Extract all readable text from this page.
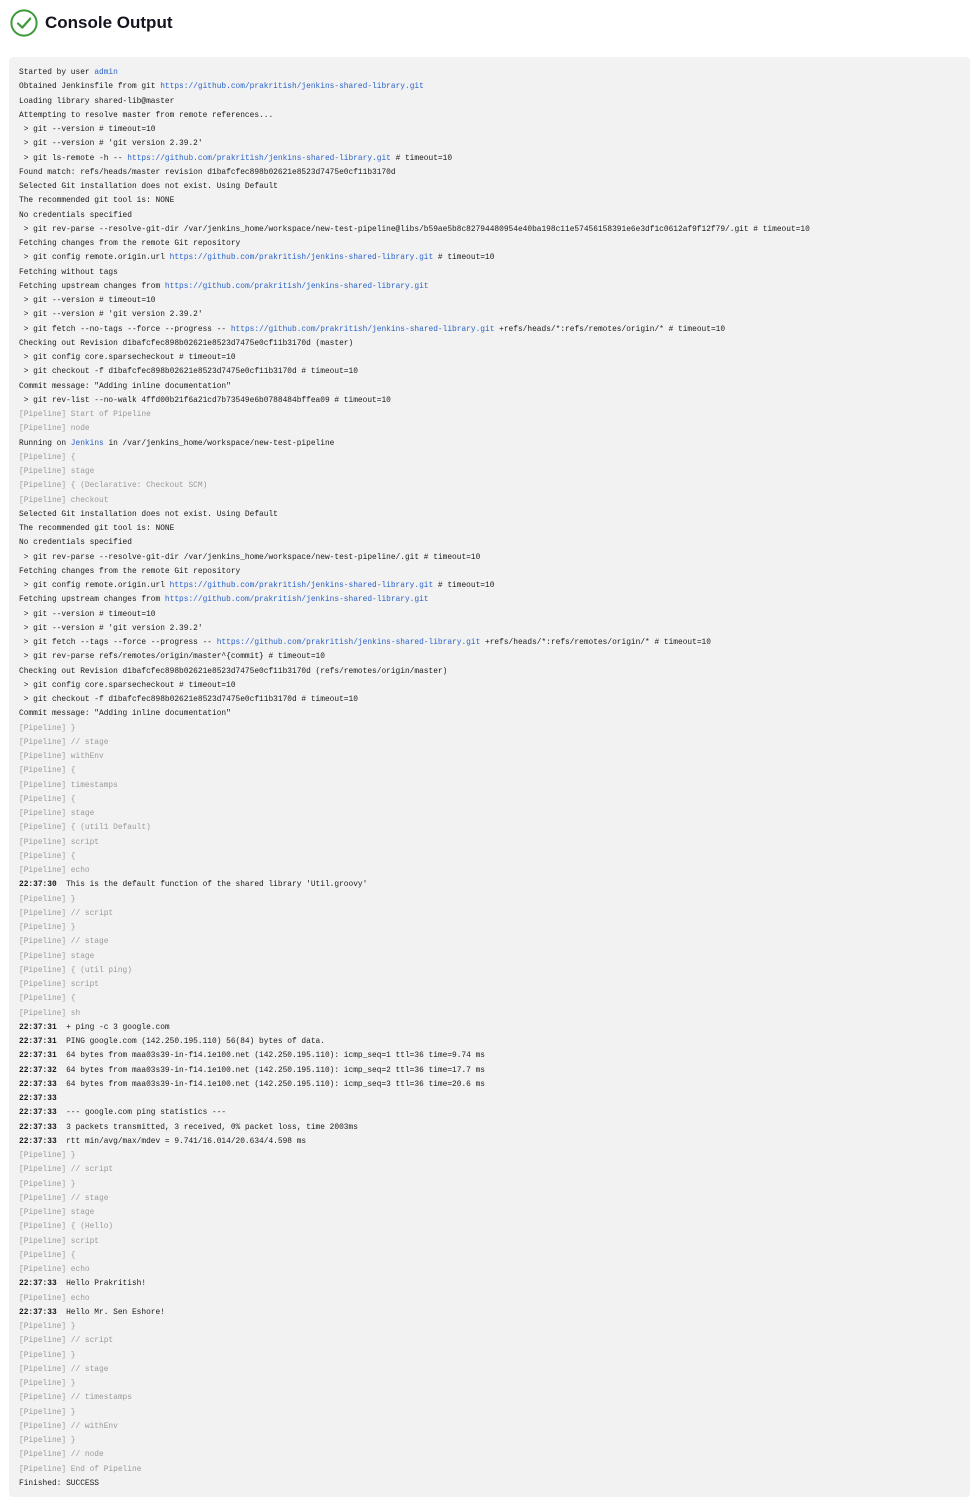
Console Output
Started by user admin
Obtained Jenkinsfile from git https://github.com/prakritish/jenkins-shared-library.git
Loading library shared-lib@master
Attempting to resolve master from remote references...
> git --version # timeout=10
> git --version # 'git version 2.39.2'
> git ls-remote -h -- https://github.com/prakritish/jenkins-shared-library.git # timeout=10
Found match: refs/heads/master revision d1bafcfec898b02621e8523d7475e0cf11b3170d
Selected Git installation does not exist. Using Default
The recommended git tool is: NONE
No credentials specified
> git rev-parse --resolve-git-dir /var/jenkins_home/workspace/new-test-pipeline@libs/b59ae5b8c82794480954e40ba198c11e57456158391e6e3df1c0612af9f12f79/.git # timeout=10
Fetching changes from the remote Git repository
> git config remote.origin.url https://github.com/prakritish/jenkins-shared-library.git # timeout=10
Fetching without tags
Fetching upstream changes from https://github.com/prakritish/jenkins-shared-library.git
> git --version # timeout=10
> git --version # 'git version 2.39.2'
> git fetch --no-tags --force --progress -- https://github.com/prakritish/jenkins-shared-library.git +refs/heads/*:refs/remotes/origin/* # timeout=10
Checking out Revision d1bafcfec898b02621e8523d7475e0cf11b3170d (master)
> git config core.sparsecheckout # timeout=10
> git checkout -f d1bafcfec898b02621e8523d7475e0cf11b3170d # timeout=10
Commit message: "Adding inline documentation"
> git rev-list --no-walk 4ffd00b21f6a21cd7b73549e6b0788484bffea09 # timeout=10
[Pipeline] Start of Pipeline
[Pipeline] node
Running on Jenkins in /var/jenkins_home/workspace/new-test-pipeline
[Pipeline] {
[Pipeline] stage
[Pipeline] { (Declarative: Checkout SCM)
[Pipeline] checkout
Selected Git installation does not exist. Using Default
The recommended git tool is: NONE
No credentials specified
> git rev-parse --resolve-git-dir /var/jenkins_home/workspace/new-test-pipeline/.git # timeout=10
Fetching changes from the remote Git repository
> git config remote.origin.url https://github.com/prakritish/jenkins-shared-library.git # timeout=10
Fetching upstream changes from https://github.com/prakritish/jenkins-shared-library.git
> git --version # timeout=10
> git --version # 'git version 2.39.2'
> git fetch --tags --force --progress -- https://github.com/prakritish/jenkins-shared-library.git +refs/heads/*:refs/remotes/origin/* # timeout=10
> git rev-parse refs/remotes/origin/master^{commit} # timeout=10
Checking out Revision d1bafcfec898b02621e8523d7475e0cf11b3170d (refs/remotes/origin/master)
> git config core.sparsecheckout # timeout=10
> git checkout -f d1bafcfec898b02621e8523d7475e0cf11b3170d # timeout=10
Commit message: "Adding inline documentation"
[Pipeline] }
[Pipeline] // stage
[Pipeline] withEnv
[Pipeline] {
[Pipeline] timestamps
[Pipeline] {
[Pipeline] stage
[Pipeline] { (util1 Default)
[Pipeline] script
[Pipeline] {
[Pipeline] echo
22:37:30  This is the default function of the shared library 'Util.groovy'
[Pipeline] }
[Pipeline] // script
[Pipeline] }
[Pipeline] // stage
[Pipeline] stage
[Pipeline] { (util ping)
[Pipeline] script
[Pipeline] {
[Pipeline] sh
22:37:31  + ping -c 3 google.com
22:37:31  PING google.com (142.250.195.110) 56(84) bytes of data.
22:37:31  64 bytes from maa03s39-in-f14.1e100.net (142.250.195.110): icmp_seq=1 ttl=36 time=9.74 ms
22:37:32  64 bytes from maa03s39-in-f14.1e100.net (142.250.195.110): icmp_seq=2 ttl=36 time=17.7 ms
22:37:33  64 bytes from maa03s39-in-f14.1e100.net (142.250.195.110): icmp_seq=3 ttl=36 time=20.6 ms
22:37:33
22:37:33  --- google.com ping statistics ---
22:37:33  3 packets transmitted, 3 received, 0% packet loss, time 2003ms
22:37:33  rtt min/avg/max/mdev = 9.741/16.014/20.634/4.598 ms
[Pipeline] }
[Pipeline] // script
[Pipeline] }
[Pipeline] // stage
[Pipeline] stage
[Pipeline] { (Hello)
[Pipeline] script
[Pipeline] {
[Pipeline] echo
22:37:33  Hello Prakritish!
[Pipeline] echo
22:37:33  Hello Mr. Sen Eshore!
[Pipeline] }
[Pipeline] // script
[Pipeline] }
[Pipeline] // stage
[Pipeline] }
[Pipeline] // timestamps
[Pipeline] }
[Pipeline] // withEnv
[Pipeline] }
[Pipeline] // node
[Pipeline] End of Pipeline
Finished: SUCCESS
